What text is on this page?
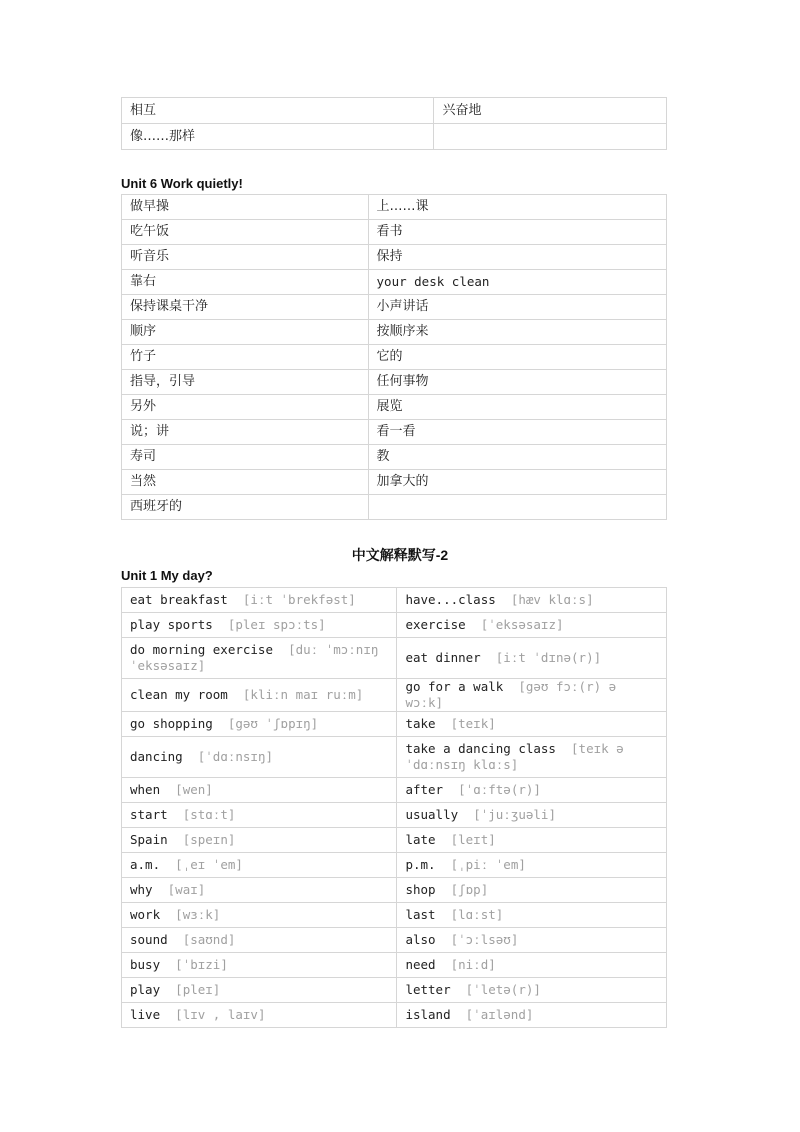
相互	兴奋地
像……那样	
Unit 6 Work quietly!
做早操	上……课
吃午饭	看书
听音乐	保持
靠右	your desk clean
保持课桌干净	小声讲话
顺序	按顺序来
竹子	它的
指导，引导	任何事物
另外	展览
说；讲	看一看
寿司	教
当然	加拿大的
西班牙的	
中文解释默写-2
Unit 1 My day?
eat breakfast [iːt ˈbrekfəst]	have...class [hæv klɑːs]
play sports [pleɪ spɔːts]	exercise [ˈeksəsaɪz]
do morning exercise [duː ˈmɔːnɪŋ ˈeksəsaɪz]	eat dinner [iːt ˈdɪnə(r)]
clean my room [kliːn maɪ ruːm]	go for a walk [gəʊ fɔː(r) ə wɔːk]
go shopping [gəʊ ˈʃɒpɪŋ]	take [teɪk]
dancing [ˈdɑːnsɪŋ]	take a dancing class [teɪk ə ˈdɑːnsɪŋ klɑːs]
when [wen]	after [ˈɑːftə(r)]
start [stɑːt]	usually [ˈjuːʒuəli]
Spain [speɪn]	late [leɪt]
a.m. [ˌeɪ ˈem]	p.m. [ˌpiː ˈem]
why [waɪ]	shop [ʃɒp]
work [wɜːk]	last [lɑːst]
sound [saʊnd]	also [ˈɔːlsəʊ]
busy [ˈbɪzi]	need [niːd]
play [pleɪ]	letter [ˈletə(r)]
live [lɪv , laɪv]	island [ˈaɪlənd]
